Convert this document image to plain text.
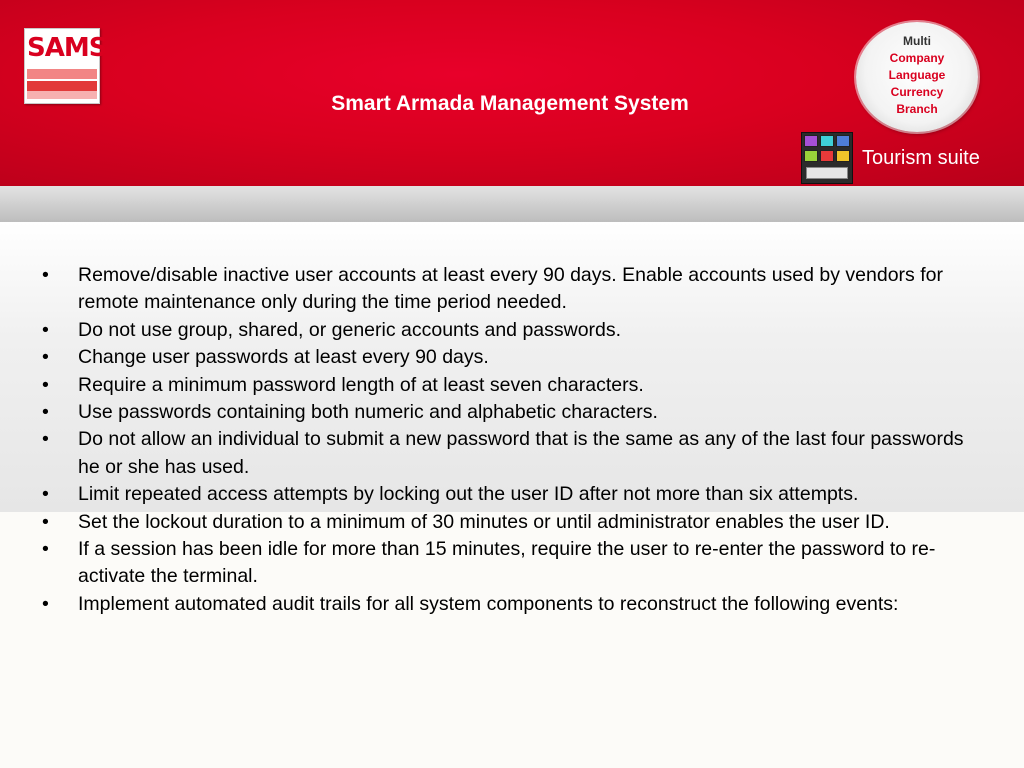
SAMS
Smart Armada Management System
Multi
Company
Language
Currency
Branch
Tourism suite
• Remove/disable inactive user accounts at least every 90 days. Enable accounts used by vendors for remote maintenance only during the time period needed.
• Do not use group, shared, or generic accounts and passwords.
• Change user passwords at least every 90 days.
• Require a minimum password length of at least seven characters.
• Use passwords containing both numeric and alphabetic characters.
• Do not allow an individual to submit a new password that is the same as any of the last four passwords he or she has used.
• Limit repeated access attempts by locking out the user ID after not more than six attempts.
• Set the lockout duration to a minimum of 30 minutes or until administrator enables the user ID.
• If a session has been idle for more than 15 minutes, require the user to re-enter the password to re-activate the terminal.
• Implement automated audit trails for all system components to reconstruct the following events:
